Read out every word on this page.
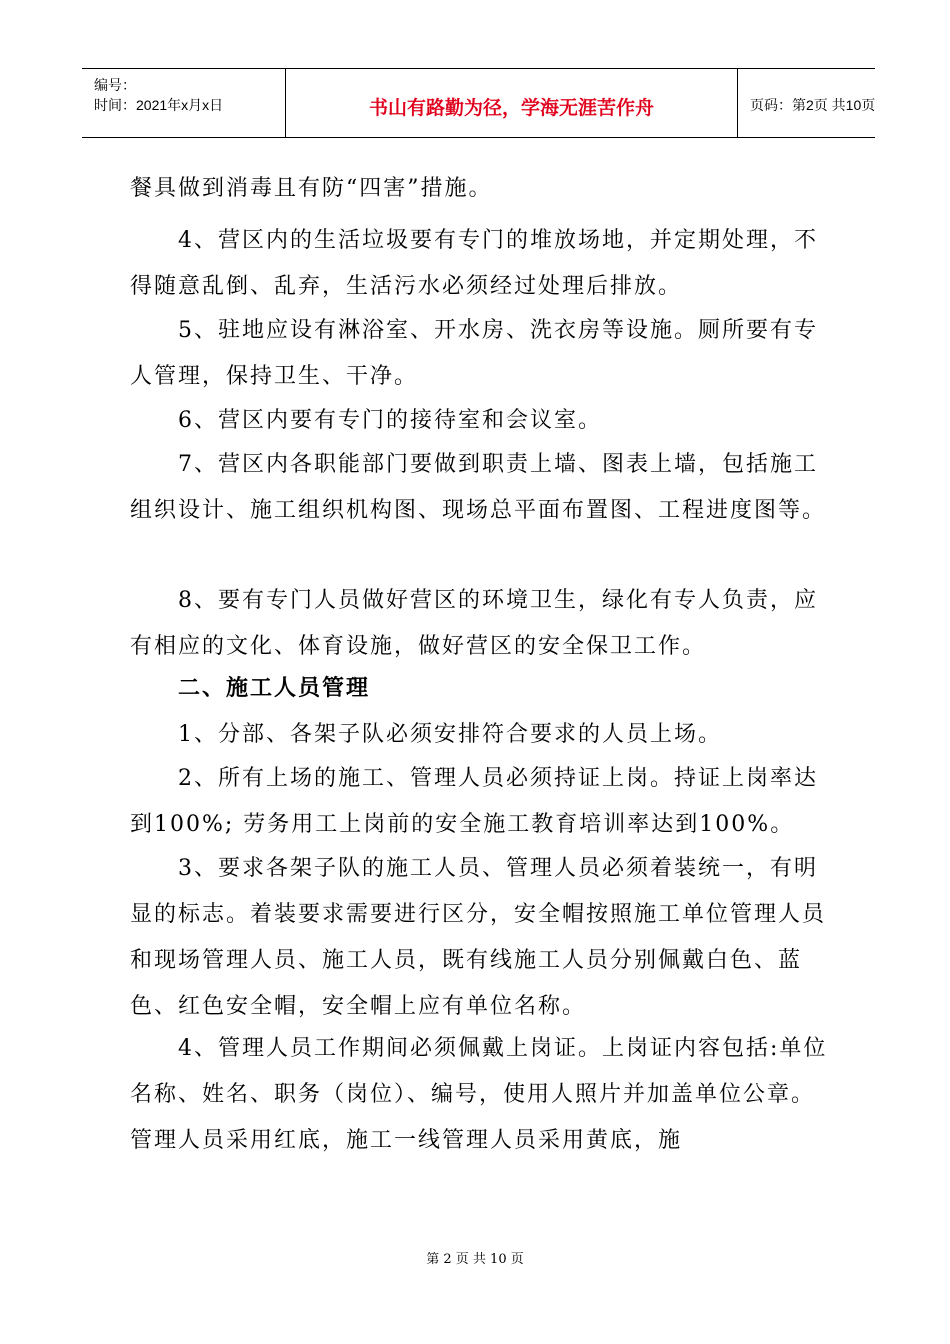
编号：
时间：2021年x月x日	书山有路勤为径，学海无涯苦作舟	页码：第2页 共10页

餐具做到消毒且有防“四害”措施。

4、营区内的生活垃圾要有专门的堆放场地，并定期处理，不得随意乱倒、乱弃，生活污水必须经过处理后排放。

5、驻地应设有淋浴室、开水房、洗衣房等设施。厕所要有专人管理，保持卫生、干净。

6、营区内要有专门的接待室和会议室。

7、营区内各职能部门要做到职责上墙、图表上墙，包括施工组织设计、施工组织机构图、现场总平面布置图、工程进度图等。

8、要有专门人员做好营区的环境卫生，绿化有专人负责，应有相应的文化、体育设施，做好营区的安全保卫工作。

二、施工人员管理

1、分部、各架子队必须安排符合要求的人员上场。

2、所有上场的施工、管理人员必须持证上岗。持证上岗率达到100%; 劳务用工上岗前的安全施工教育培训率达到100%。

3、要求各架子队的施工人员、管理人员必须着装统一，有明显的标志。着装要求需要进行区分，安全帽按照施工单位管理人员和现场管理人员、施工人员，既有线施工人员分别佩戴白色、蓝色、红色安全帽，安全帽上应有单位名称。

4、管理人员工作期间必须佩戴上岗证。上岗证内容包括:单位名称、姓名、职务（岗位）、编号，使用人照片并加盖单位公章。管理人员采用红底，施工一线管理人员采用黄底，施

第 2 页 共 10 页
